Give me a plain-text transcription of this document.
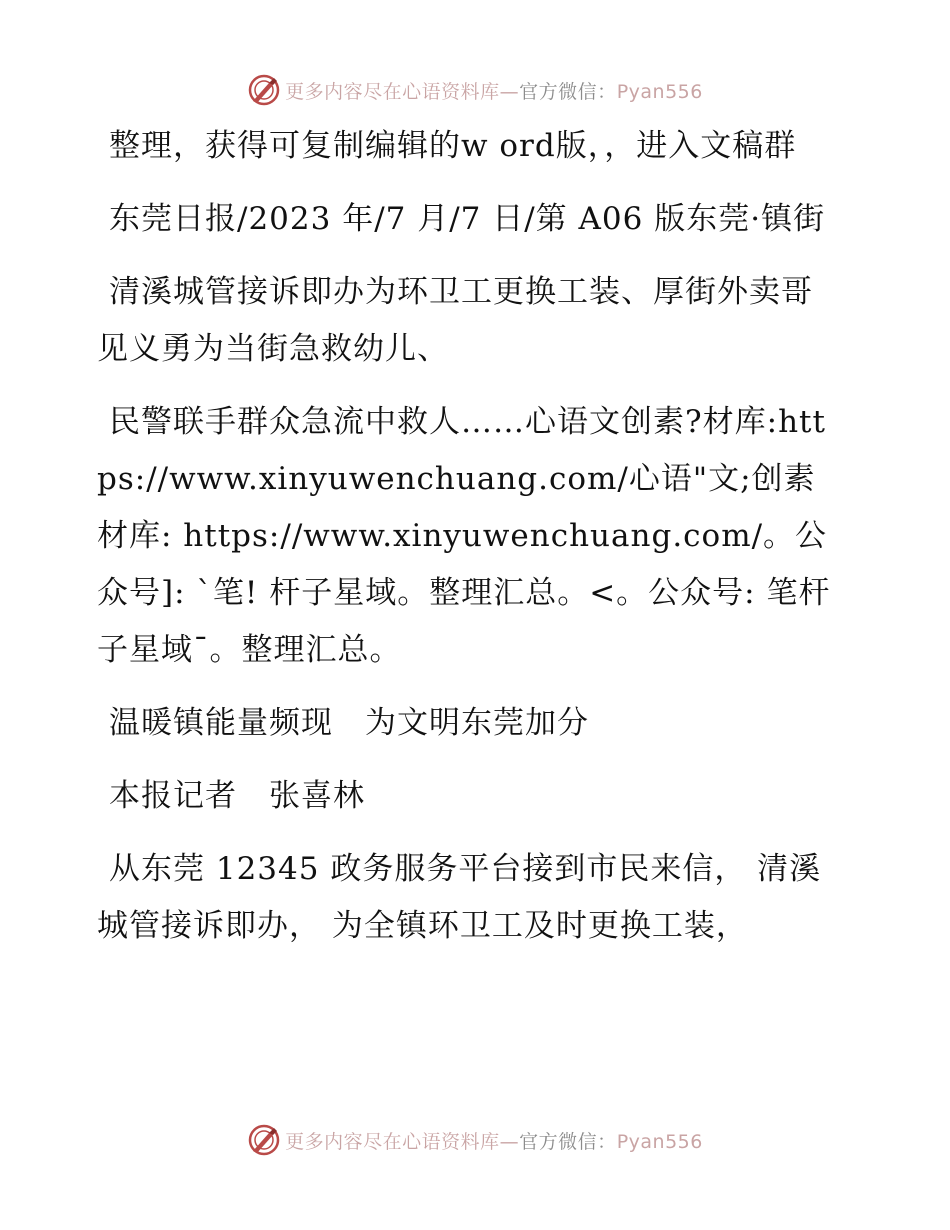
更多内容尽在心语资料库—官方微信：Pyan556

整理，获得可复制编辑的w ord版，，进入文稿群

东莞日报/2023 年/7 月/7 日/第 A06 版东莞·镇街

清溪城管接诉即办为环卫工更换工装、厚街外卖哥见义勇为当街急救幼儿、

民警联手群众急流中救人……心语文创素?材库:https://www.xinyuwenchuang.com/心语"文;创素材库: https://www.xinyuwenchuang.com/。公众号]: `笔! 杆子星域。整理汇总。<。公众号: 笔杆子星域¯。整理汇总。

温暖镇能量频现　为文明东莞加分

本报记者　张喜林

从东莞 12345 政务服务平台接到市民来信， 清溪城管接诉即办， 为全镇环卫工及时更换工装，

更多内容尽在心语资料库—官方微信：Pyan556
